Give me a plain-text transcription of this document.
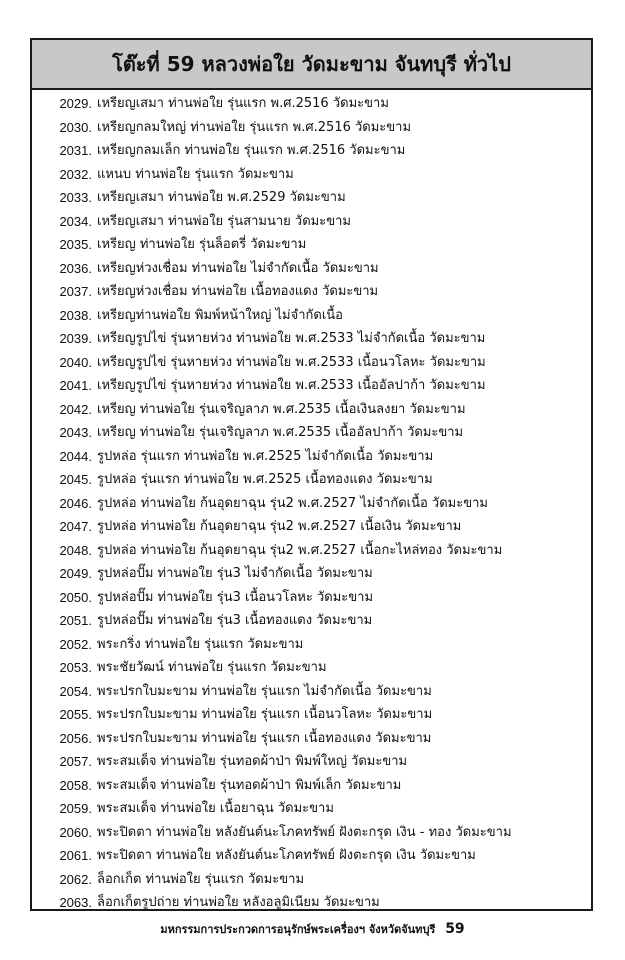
โต๊ะที่ 59 หลวงพ่อใย วัดมะขาม จันทบุรี ทั่วไป
2029. เหรียญเสมา ท่านพ่อใย รุ่นแรก พ.ศ.2516 วัดมะขาม
2030. เหรียญกลมใหญ่ ท่านพ่อใย รุ่นแรก พ.ศ.2516 วัดมะขาม
2031. เหรียญกลมเล็ก ท่านพ่อใย รุ่นแรก พ.ศ.2516 วัดมะขาม
2032. แหนบ ท่านพ่อใย รุ่นแรก วัดมะขาม
2033. เหรียญเสมา ท่านพ่อใย พ.ศ.2529 วัดมะขาม
2034. เหรียญเสมา ท่านพ่อใย รุ่นสามนาย วัดมะขาม
2035. เหรียญ ท่านพ่อใย รุ่นล็อตรี่ วัดมะขาม
2036. เหรียญห่วงเชื่อม ท่านพ่อใย ไม่จำกัดเนื้อ วัดมะขาม
2037. เหรียญห่วงเชื่อม ท่านพ่อใย เนื้อทองแดง วัดมะขาม
2038. เหรียญท่านพ่อใย พิมพ์หน้าใหญ่ ไม่จำกัดเนื้อ
2039. เหรียญรูปไข่ รุ่นหายห่วง ท่านพ่อใย พ.ศ.2533 ไม่จำกัดเนื้อ วัดมะขาม
2040. เหรียญรูปไข่ รุ่นหายห่วง ท่านพ่อใย พ.ศ.2533 เนื้อนวโลหะ วัดมะขาม
2041. เหรียญรูปไข่ รุ่นหายห่วง ท่านพ่อใย พ.ศ.2533 เนื้ออัลปาก้า วัดมะขาม
2042. เหรียญ ท่านพ่อใย รุ่นเจริญลาภ พ.ศ.2535 เนื้อเงินลงยา วัดมะขาม
2043. เหรียญ ท่านพ่อใย รุ่นเจริญลาภ พ.ศ.2535 เนื้ออัลปาก้า วัดมะขาม
2044. รูปหล่อ รุ่นแรก ท่านพ่อใย พ.ศ.2525 ไม่จำกัดเนื้อ วัดมะขาม
2045. รูปหล่อ รุ่นแรก ท่านพ่อใย พ.ศ.2525 เนื้อทองแดง วัดมะขาม
2046. รูปหล่อ ท่านพ่อใย ก้นอุดยาฉุน รุ่น2 พ.ศ.2527 ไม่จำกัดเนื้อ วัดมะขาม
2047. รูปหล่อ ท่านพ่อใย ก้นอุดยาฉุน รุ่น2 พ.ศ.2527 เนื้อเงิน วัดมะขาม
2048. รูปหล่อ ท่านพ่อใย ก้นอุดยาฉุน รุ่น2 พ.ศ.2527 เนื้อกะไหล่ทอง วัดมะขาม
2049. รูปหล่อปั๊ม ท่านพ่อใย รุ่น3 ไม่จำกัดเนื้อ วัดมะขาม
2050. รูปหล่อปั๊ม ท่านพ่อใย รุ่น3 เนื้อนวโลหะ วัดมะขาม
2051. รูปหล่อปั๊ม ท่านพ่อใย รุ่น3 เนื้อทองแดง วัดมะขาม
2052. พระกริ่ง ท่านพ่อใย รุ่นแรก วัดมะขาม
2053. พระชัยวัฒน์ ท่านพ่อใย รุ่นแรก วัดมะขาม
2054. พระปรกใบมะขาม ท่านพ่อใย รุ่นแรก ไม่จำกัดเนื้อ วัดมะขาม
2055. พระปรกใบมะขาม ท่านพ่อใย รุ่นแรก เนื้อนวโลหะ วัดมะขาม
2056. พระปรกใบมะขาม ท่านพ่อใย รุ่นแรก เนื้อทองแดง วัดมะขาม
2057. พระสมเด็จ ท่านพ่อใย รุ่นทอดผ้าป่า พิมพ์ใหญ่ วัดมะขาม
2058. พระสมเด็จ ท่านพ่อใย รุ่นทอดผ้าป่า พิมพ์เล็ก วัดมะขาม
2059. พระสมเด็จ ท่านพ่อใย เนื้อยาฉุน วัดมะขาม
2060. พระปิดตา ท่านพ่อใย หลังยันต์นะโภคทรัพย์ ฝังตะกรุด เงิน - ทอง วัดมะขาม
2061. พระปิดตา ท่านพ่อใย หลังยันต์นะโภคทรัพย์ ฝังตะกรุด เงิน วัดมะขาม
2062. ล็อกเก็ต ท่านพ่อใย รุ่นแรก วัดมะขาม
2063. ล็อกเก็ตรูปถ่าย ท่านพ่อใย หลังอลูมิเนียม วัดมะขาม
มหกรรมการประกวดการอนุรักษ์พระเครื่องฯ จังหวัดจันทบุรี 59
